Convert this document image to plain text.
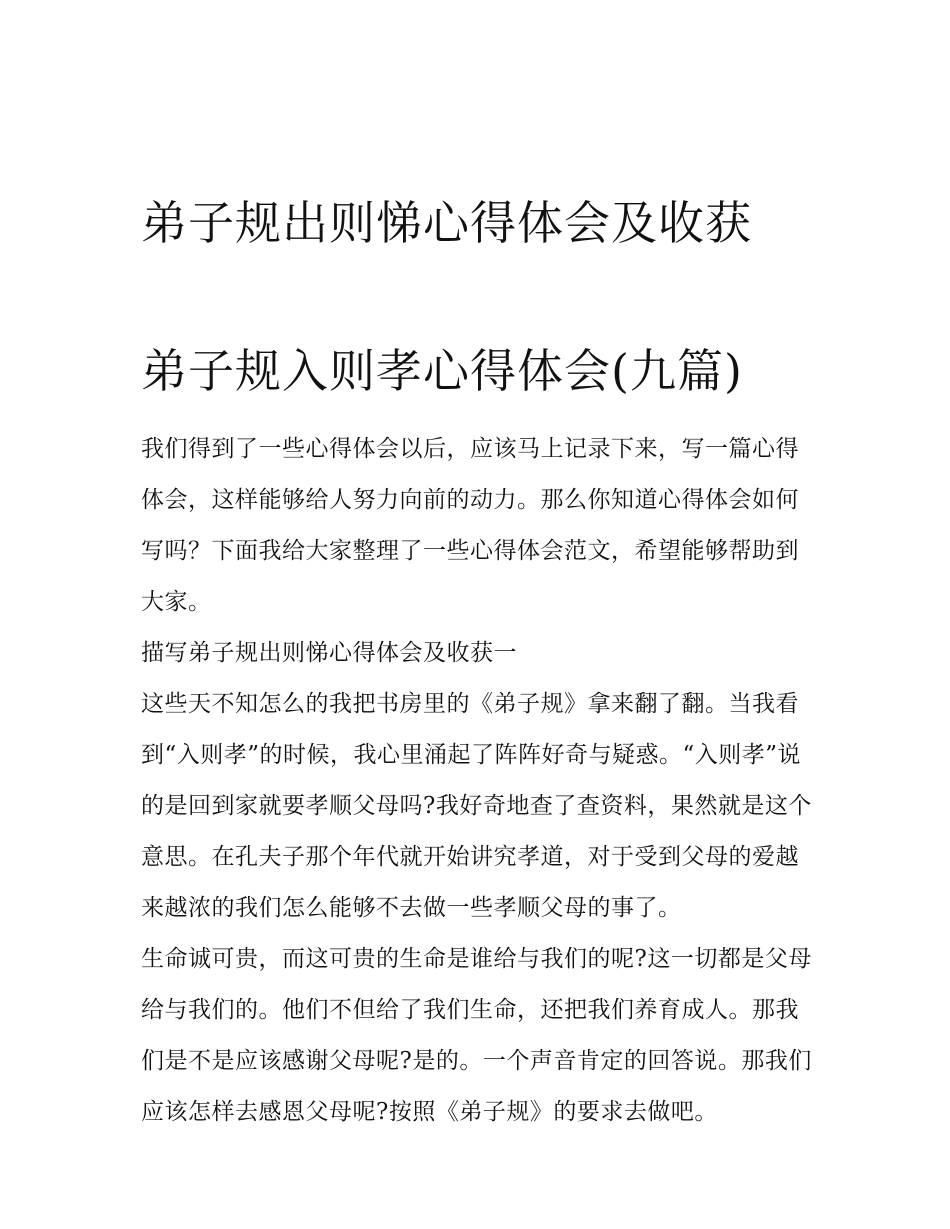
弟子规出则悌心得体会及收获

弟子规入则孝心得体会(九篇)

我们得到了一些心得体会以后，应该马上记录下来，写一篇心得体会，这样能够给人努力向前的动力。那么你知道心得体会如何写吗？下面我给大家整理了一些心得体会范文，希望能够帮助到大家。

描写弟子规出则悌心得体会及收获一

这些天不知怎么的我把书房里的《弟子规》拿来翻了翻。当我看到“入则孝”的时候，我心里涌起了阵阵好奇与疑惑。“入则孝”说的是回到家就要孝顺父母吗?我好奇地查了查资料，果然就是这个意思。在孔夫子那个年代就开始讲究孝道，对于受到父母的爱越来越浓的我们怎么能够不去做一些孝顺父母的事了。

生命诚可贵，而这可贵的生命是谁给与我们的呢?这一切都是父母给与我们的。他们不但给了我们生命，还把我们养育成人。那我们是不是应该感谢父母呢?是的。一个声音肯定的回答说。那我们应该怎样去感恩父母呢?按照《弟子规》的要求去做吧。
